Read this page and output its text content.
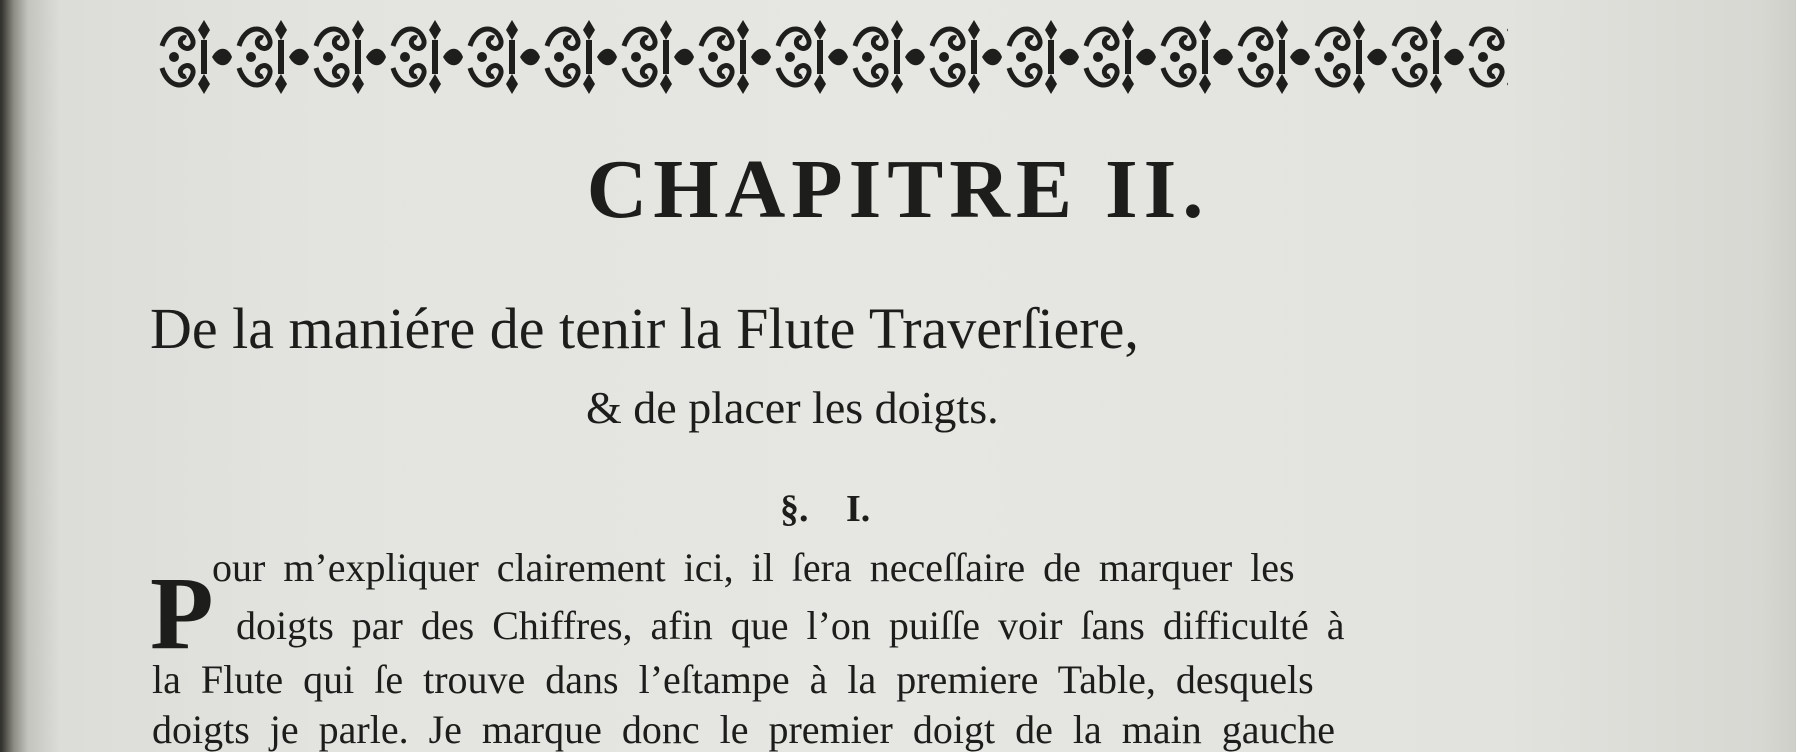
CHAPITRE II.
De la maniére de tenir la Flute Traverſiere,
& de placer les doigts.
§. I.
P
our m’expliquer clairement ici, il ſera neceſſaire de marquer les
doigts par des Chiffres, afin que l’on puiſſe voir ſans difficulté à
la Flute qui ſe trouve dans l’eſtampe à la premiere Table, desquels
doigts je parle. Je marque donc le premier doigt de la main gauche
